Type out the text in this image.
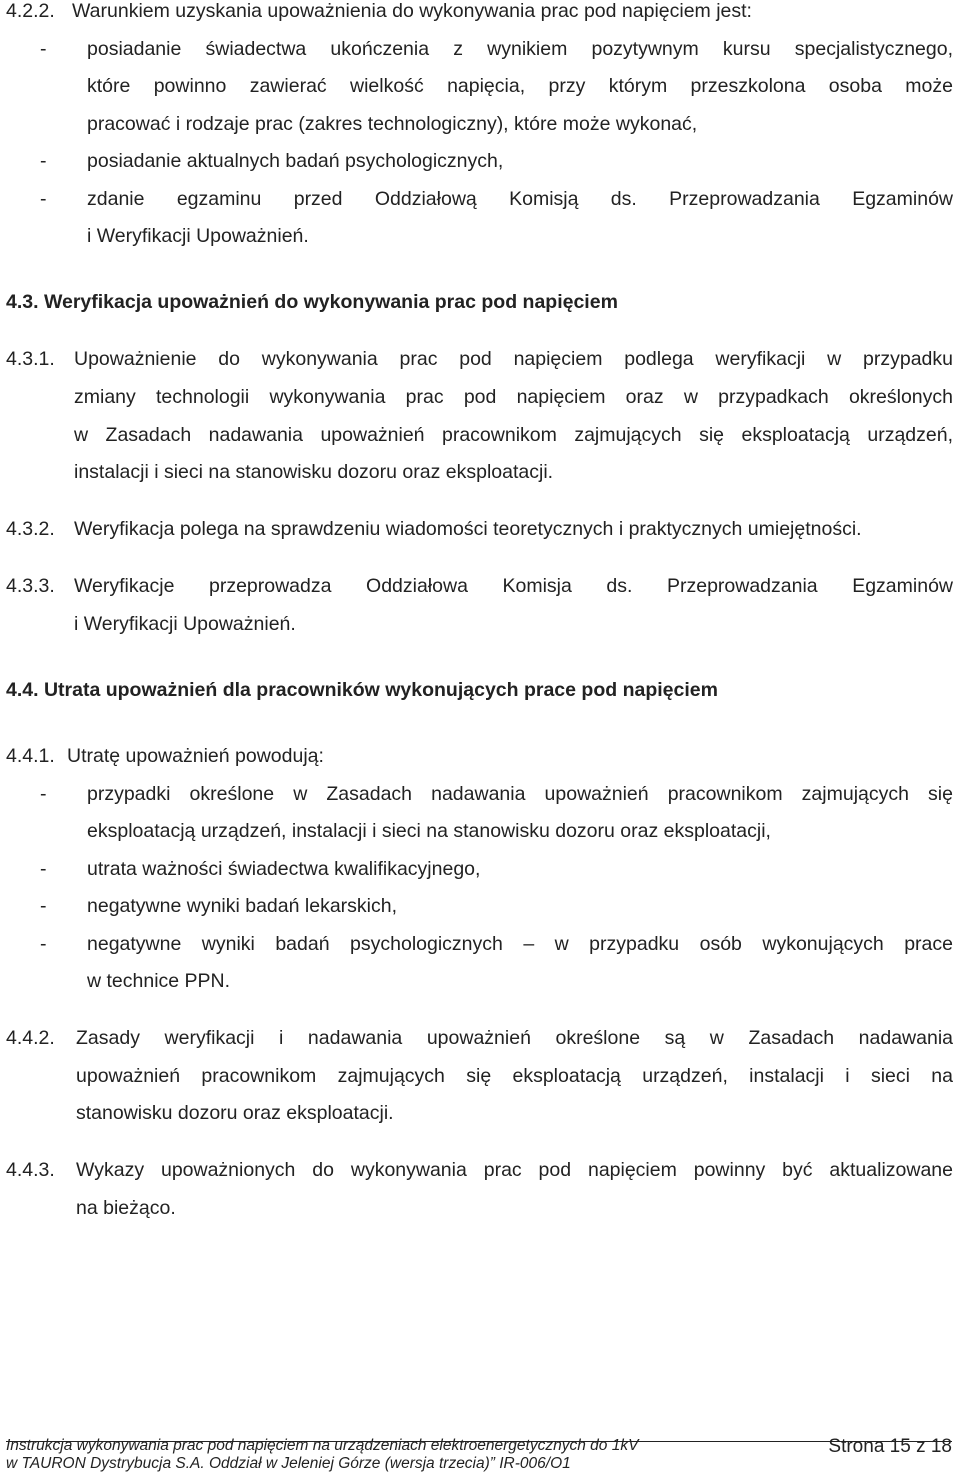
4.2.2. Warunkiem uzyskania upoważnienia do wykonywania prac pod napięciem jest:
- posiadanie świadectwa ukończenia z wynikiem pozytywnym kursu specjalistycznego,
które powinno zawierać wielkość napięcia, przy którym przeszkolona osoba może
pracować i rodzaje prac (zakres technologiczny), które może wykonać,
- posiadanie aktualnych badań psychologicznych,
- zdanie egzaminu przed Oddziałową Komisją ds. Przeprowadzania Egzaminów
i Weryfikacji Upoważnień.
4.3. Weryfikacja upoważnień do wykonywania prac pod napięciem
4.3.1. Upoważnienie do wykonywania prac pod napięciem podlega weryfikacji w przypadku
zmiany technologii wykonywania prac pod napięciem oraz w przypadkach określonych
w Zasadach nadawania upoważnień pracownikom zajmujących się eksploatacją urządzeń,
instalacji i sieci na stanowisku dozoru oraz eksploatacji.
4.3.2. Weryfikacja polega na sprawdzeniu wiadomości teoretycznych i praktycznych umiejętności.
4.3.3. Weryfikacje przeprowadza Oddziałowa Komisja ds. Przeprowadzania Egzaminów
i Weryfikacji Upoważnień.
4.4. Utrata upoważnień dla pracowników wykonujących prace pod napięciem
4.4.1. Utratę upoważnień powodują:
- przypadki określone w Zasadach nadawania upoważnień pracownikom zajmujących się
eksploatacją urządzeń, instalacji i sieci na stanowisku dozoru oraz eksploatacji,
- utrata ważności świadectwa kwalifikacyjnego,
- negatywne wyniki badań lekarskich,
- negatywne wyniki badań psychologicznych – w przypadku osób wykonujących prace
w technice PPN.
4.4.2. Zasady weryfikacji i nadawania upoważnień określone są w Zasadach nadawania
upoważnień pracownikom zajmujących się eksploatacją urządzeń, instalacji i sieci na
stanowisku dozoru oraz eksploatacji.
4.4.3. Wykazy upoważnionych do wykonywania prac pod napięciem powinny być aktualizowane
na bieżąco.
Instrukcja wykonywania prac pod napięciem na urządzeniach elektroenergetycznych do 1kV
w TAURON Dystrybucja S.A. Oddział w Jeleniej Górze (wersja trzecia)” IR-006/O1
Strona 15 z 18
